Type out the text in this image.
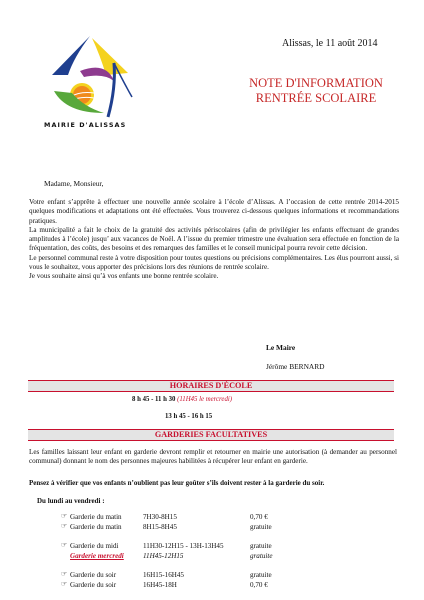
MAIRIE D'ALISSAS
Alissas, le 11 août 2014
NOTE D'INFORMATION
RENTRÉE SCOLAIRE
Madame, Monsieur,

Votre enfant s’apprête à effectuer une nouvelle année scolaire à l’école d’Alissas. A l’occasion de cette rentrée 2014-2015 quelques modifications et adaptations ont été effectuées. Vous trouverez ci-dessous quelques informations et recommandations pratiques.

La municipalité a fait le choix de la gratuité des activités périscolaires (afin de privilégier les enfants effectuant de grandes amplitudes à l’école) jusqu’ aux vacances de Noël. A l’issue du premier trimestre une évaluation sera effectuée en fonction de la fréquentation, des coûts, des besoins et des remarques des familles et le conseil municipal pourra revoir cette décision.

Le personnel communal reste à votre disposition pour toutes questions ou précisions complémentaires. Les élus pourront aussi, si vous le souhaitez, vous apporter des précisions lors des réunions de rentrée scolaire.

Je vous souhaite ainsi qu’à vos enfants une bonne rentrée scolaire.

Le Maire
Jérôme BERNARD
HORAIRES D'ÉCOLE
8 h 45 - 11 h 30 (11H45 le mercredi)
13 h 45 - 16 h 15
GARDERIES FACULTATIVES
Les familles laissant leur enfant en garderie devront remplir et retourner en mairie une autorisation (à demander au personnel communal) donnant le nom des personnes majeures habilitées à récupérer leur enfant en garderie.
Pensez à vérifier que vos enfants n’oublient pas leur goûter s’ils doivent rester à la garderie du soir.
Du lundi au vendredi :
☞ Garderie du matin	7H30-8H15	0,70 €
☞ Garderie du matin	8H15-8H45	gratuite
☞ Garderie du midi	11H30-12H15 - 13H-13H45	gratuite
Garderie mercredi	11H45-12H15	gratuite
☞ Garderie du soir	16H15-16H45	gratuite
☞ Garderie du soir	16H45-18H	0,70 €
